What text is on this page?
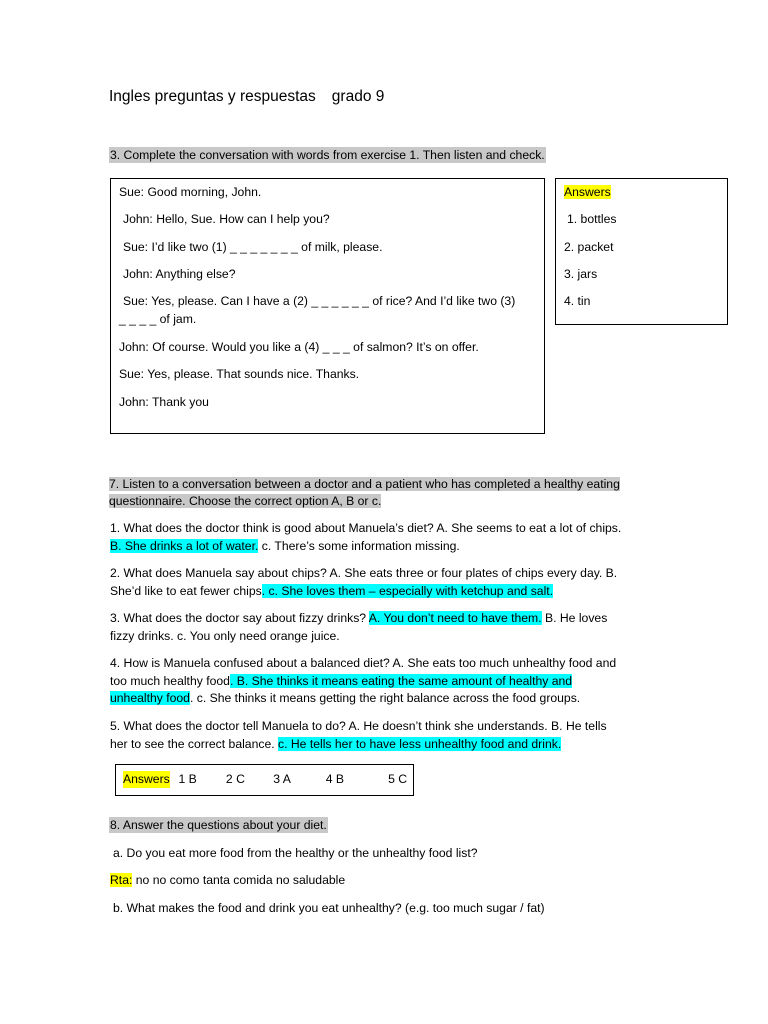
Ingles preguntas y respuestas grado 9
3. Complete the conversation with words from exercise 1. Then listen and check.
Sue: Good morning, John.
John: Hello, Sue. How can I help you?
Sue: I’d like two (1) _ _ _ _ _ _ _ of milk, please.
John: Anything else?
Sue: Yes, please. Can I have a (2) _ _ _ _ _ _ of rice? And I’d like two (3)
_ _ _ _ of jam.
John: Of course. Would you like a (4) _ _ _ of salmon? It’s on offer.
Sue: Yes, please. That sounds nice. Thanks.
John: Thank you
Answers
1. bottles
2. packet
3. jars
4. tin
7. Listen to a conversation between a doctor and a patient who has completed a healthy eating
questionnaire. Choose the correct option A, B or c.
1. What does the doctor think is good about Manuela’s diet? A. She seems to eat a lot of chips.
B. She drinks a lot of water. c. There’s some information missing.
2. What does Manuela say about chips? A. She eats three or four plates of chips every day. B.
She’d like to eat fewer chips. c. She loves them – especially with ketchup and salt.
3. What does the doctor say about fizzy drinks? A. You don’t need to have them. B. He loves
fizzy drinks. c. You only need orange juice.
4. How is Manuela confused about a balanced diet? A. She eats too much unhealthy food and
too much healthy food. B. She thinks it means eating the same amount of healthy and
unhealthy food. c. She thinks it means getting the right balance across the food groups.
5. What does the doctor tell Manuela to do? A. He doesn’t think she understands. B. He tells
her to see the correct balance. c. He tells her to have less unhealthy food and drink.
Answers 1 B 2 C 3 A	4 B	5 C
8. Answer the questions about your diet.
a. Do you eat more food from the healthy or the unhealthy food list?
Rta: no no como tanta comida no saludable
b. What makes the food and drink you eat unhealthy? (e.g. too much sugar / fat)
